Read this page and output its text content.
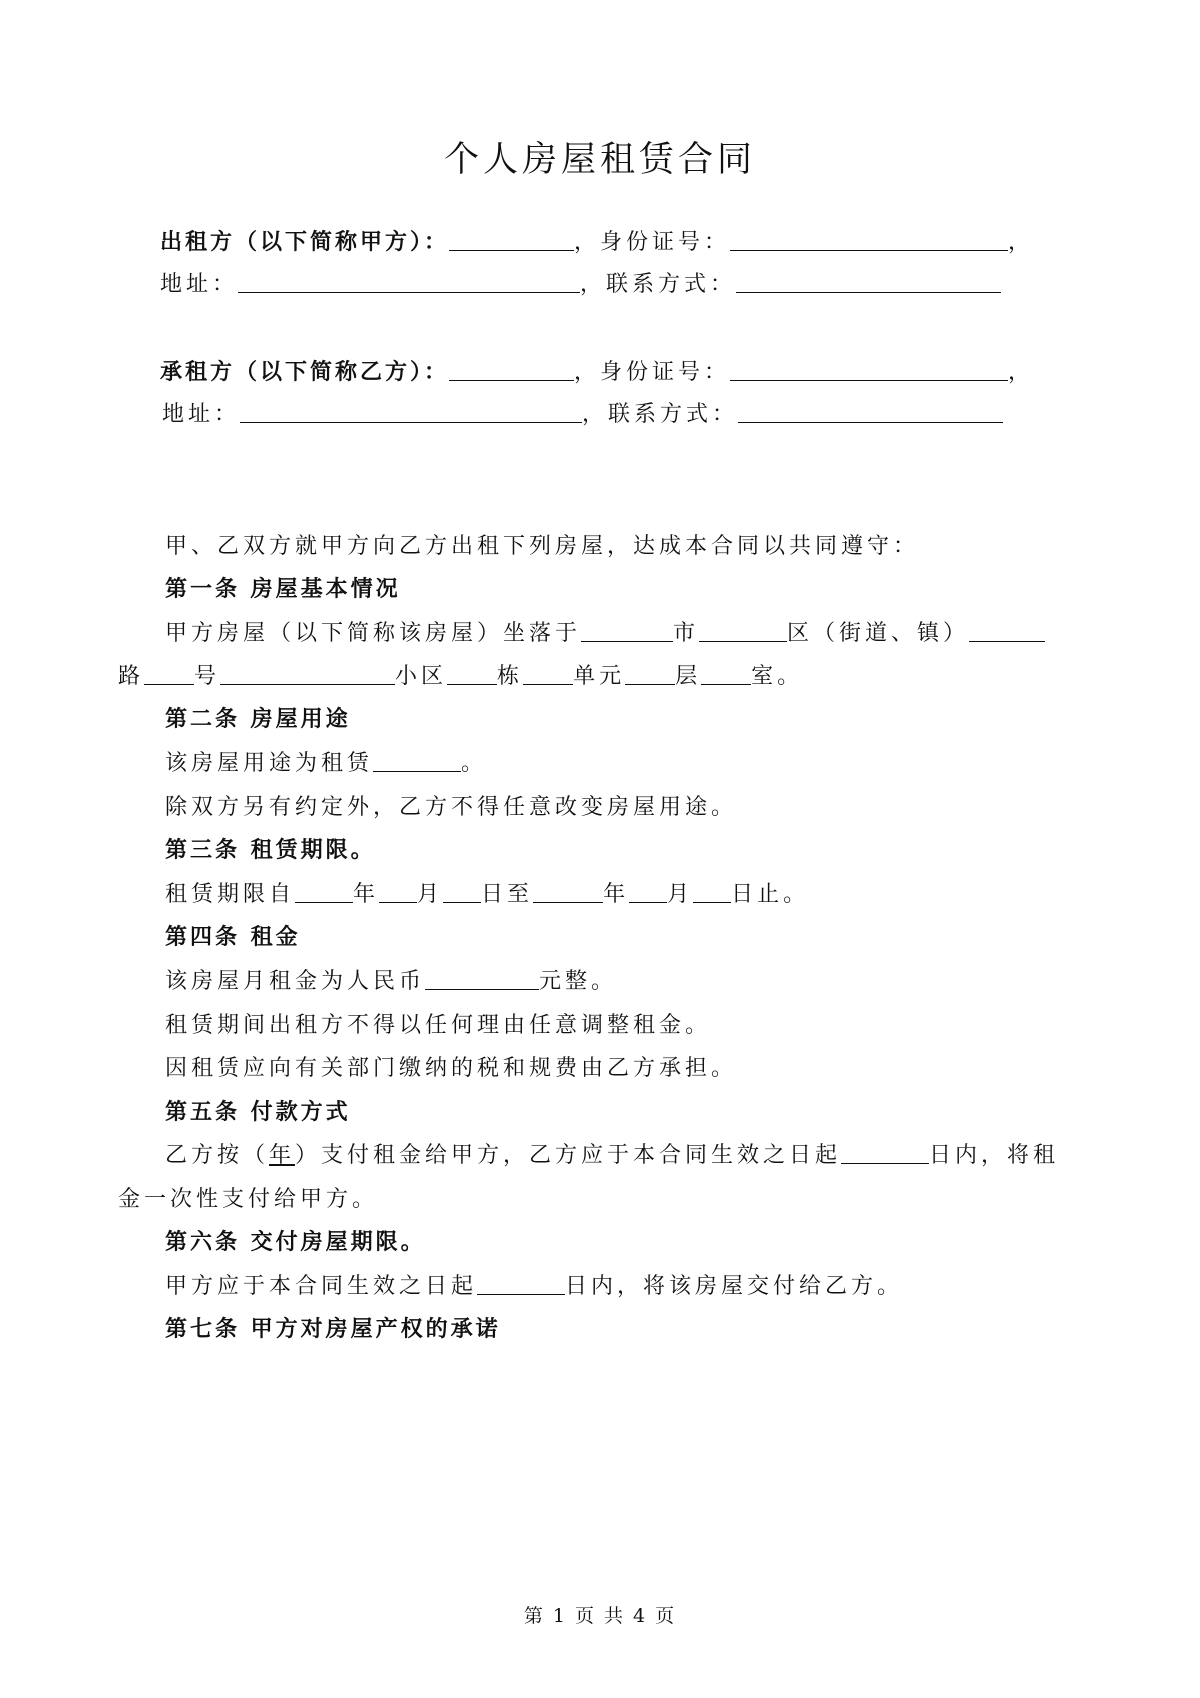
个人房屋租赁合同
出租方（以下简称甲方）：	，身份证号：	，
地址：	，联系方式：
承租方（以下简称乙方）：	，身份证号：	，
地址：	，联系方式：
甲、乙双方就甲方向乙方出租下列房屋，达成本合同以共同遵守：
第一条 房屋基本情况
甲方房屋（以下简称该房屋）坐落于	市	区（街道、镇）
路 号	小区 栋 单元 层 室。
第二条 房屋用途
该房屋用途为租赁	。
除双方另有约定外，乙方不得任意改变房屋用途。
第三条 租赁期限。
租赁期限自	年 月 日至	年 月 日止。
第四条 租金
该房屋月租金为人民币	元整。
租赁期间出租方不得以任何理由任意调整租金。
因租赁应向有关部门缴纳的税和规费由乙方承担。
第五条 付款方式
乙方按（年）支付租金给甲方，乙方应于本合同生效之日起	日内，将租
金一次性支付给甲方。
第六条 交付房屋期限。
甲方应于本合同生效之日起	日内，将该房屋交付给乙方。
第七条 甲方对房屋产权的承诺
第 1 页 共 4 页
